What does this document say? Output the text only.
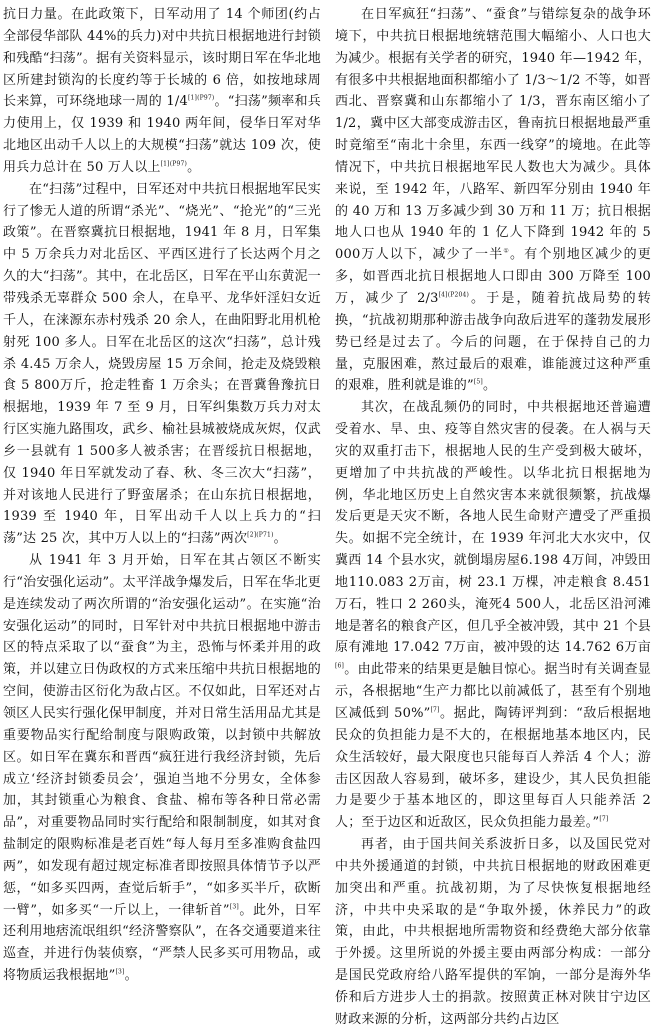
抗日力量。在此政策下，日军动用了 14 个师团(约占全部侵华部队 44%的兵力)对中共抗日根据地进行封锁和残酷“扫荡”。据有关资料显示，该时期日军在华北地区所建封锁沟的长度约等于长城的 6 倍，如按地球周长来算，可环绕地球一周的 $1/4^{[1](P97)}$。“扫荡”频率和兵力使用上，仅 1939 和 1940 两年间，侵华日军对华北地区出动千人以上的大规模“扫荡”就达 109 次，使用兵力总计在 50 万人以上$^{[1](P97)}$。

在“扫荡”过程中，日军还对中共抗日根据地军民实行了惨无人道的所谓“杀光”、“烧光”、“抢光”的“三光政策”。在晋察冀抗日根据地，1941 年 8 月，日军集中 5 万余兵力对北岳区、平西区进行了长达两个月之久的大“扫荡”。其中，在北岳区，日军在平山东黄泥一带残杀无辜群众 500 余人，在阜平、龙华奸淫妇女近千人，在涞源东赤村残杀 20 余人，在曲阳野北用机枪射死 100 多人。日军在北岳区的这次“扫荡”，总计残杀 4.45 万余人，烧毁房屋 15 万余间，抢走及烧毁粮食 5 800万斤，抢走牲畜 1 万余头；在晋冀鲁豫抗日根据地，1939 年 7 至 9 月，日军纠集数万兵力对太行区实施九路围攻，武乡、榆社县城被烧成灰烬，仅武乡一县就有 1 500多人被杀害；在晋绥抗日根据地，仅 1940 年日军就发动了春、秋、冬三次大“扫荡”，并对该地人民进行了野蛮屠杀；在山东抗日根据地，1939 至 1940 年，日军出动千人以上兵力的“扫荡”达 25 次，其中万人以上的“扫荡”两次$^{[2](P71)}$。

从 1941 年 3 月开始，日军在其占领区不断实行“治安强化运动”。太平洋战争爆发后，日军在华北更是连续发动了两次所谓的“治安强化运动”。在实施“治安强化运动”的同时，日军针对中共抗日根据地中游击区的特点采取了以“蚕食”为主，恐怖与怀柔并用的政策，并以建立日伪政权的方式来压缩中共抗日根据地的空间，使游击区衍化为敌占区。不仅如此，日军还对占领区人民实行强化保甲制度，并对日常生活用品尤其是重要物品实行配给制度与限购政策，以封锁中共解放区。如日军在冀东和晋西“疯狂进行我经济封锁，先后成立‘经济封锁委员会’，强迫当地不分男女，全体参加，其封锁重心为粮食、食盐、棉布等各种日常必需品”，对重要物品同时实行配给和限制制度，如其对食盐制定的限购标准是老百姓“每人每月至多准购食盐四两”，如发现有超过规定标准者即按照具体情节予以严惩，“如多买四两，查觉后斩手”，“如多买半斤，砍断一臂”，如多买“一斤以上，一律斩首”[3]。此外，日军还利用地痞流氓组织“经济警察队”，在各交通要道来往巡查，并进行伪装侦察，“严禁人民多买可用物品，或将物质运我根据地”[3]。

在日军疯狂“扫荡”、“蚕食”与错综复杂的战争环境下，中共抗日根据地统辖范围大幅缩小、人口也大为减少。根据有关学者的研究，1940 年—1942 年，有很多中共根据地面积都缩小了 1/3～1/2 不等，如晋西北、晋察冀和山东都缩小了 1/3，晋东南区缩小了 1/2，冀中区大部变成游击区，鲁南抗日根据地最严重时竟缩至“南北十余里，东西一线穿”的境地。在此等情况下，中共抗日根据地军民人数也大为减少。具体来说，至 1942 年，八路军、新四军分别由 1940 年的 40 万和 13 万多减少到 30 万和 11 万；抗日根据地人口也从 1940 年的 1 亿人下降到 1942 年的 5 000万人以下，减少了一半①。有个别地区减少的更多，如晋西北抗日根据地人口即由 300 万降至 100 万，减少了 $2/3^{[4](P204)}$。于是，随着抗战局势的转换，“抗战初期那种游击战争向敌后进军的蓬勃发展形势已经是过去了。今后的问题，在于保持自己的力量，克服困难，熬过最后的艰难，谁能渡过这种严重的艰难，胜利就是谁的”[5]。

其次，在战乱频仍的同时，中共根据地还普遍遭受着水、旱、虫、疫等自然灾害的侵袭。在人祸与天灾的双重打击下，根据地人民的生产受到极大破坏，更增加了中共抗战的严峻性。以华北抗日根据地为例，华北地区历史上自然灾害本来就很频繁，抗战爆发后更是天灾不断，各地人民生命财产遭受了严重损失。如据不完全统计，在 1939 年河北大水灾中，仅冀西 14 个县水灾，就倒塌房屋6.198 4万间，冲毁田地110.083 2万亩，树 23.1 万棵，冲走粮食 8.451 万石，牲口 2 260头，淹死4 500人，北岳区沿河滩地是著名的粮食产区，但几乎全被冲毁，其中 21 个县原有滩地 17.042 7万亩，被冲毁的达 14.762 6万亩[6]。由此带来的结果更是触目惊心。据当时有关调查显示，各根据地“生产力都比以前减低了，甚至有个别地区减低到 50%”[7]。据此，陶铸评判到：“敌后根据地民众的负担能力是不大的，在根据地基本地区内，民众生活较好，最大限度也只能每百人养活 4 个人；游击区因敌人容易到，破坏多，建设少，其人民负担能力是要少于基本地区的，即这里每百人只能养活 2 人；至于边区和近敌区，民众负担能力最差。”[7]

再者，由于国共间关系波折日多，以及国民党对中共外援通道的封锁，中共抗日根据地的财政困难更加突出和严重。抗战初期，为了尽快恢复根据地经济，中共中央采取的是“争取外援，休养民力”的政策，由此，中共根据地所需物资和经费绝大部分依靠于外援。这里所说的外援主要由两部分构成：一部分是国民党政府给八路军提供的军饷，一部分是海外华侨和后方进步人士的捐款。按照黄正林对陕甘宁边区财政来源的分析，这两部分共约占边区
